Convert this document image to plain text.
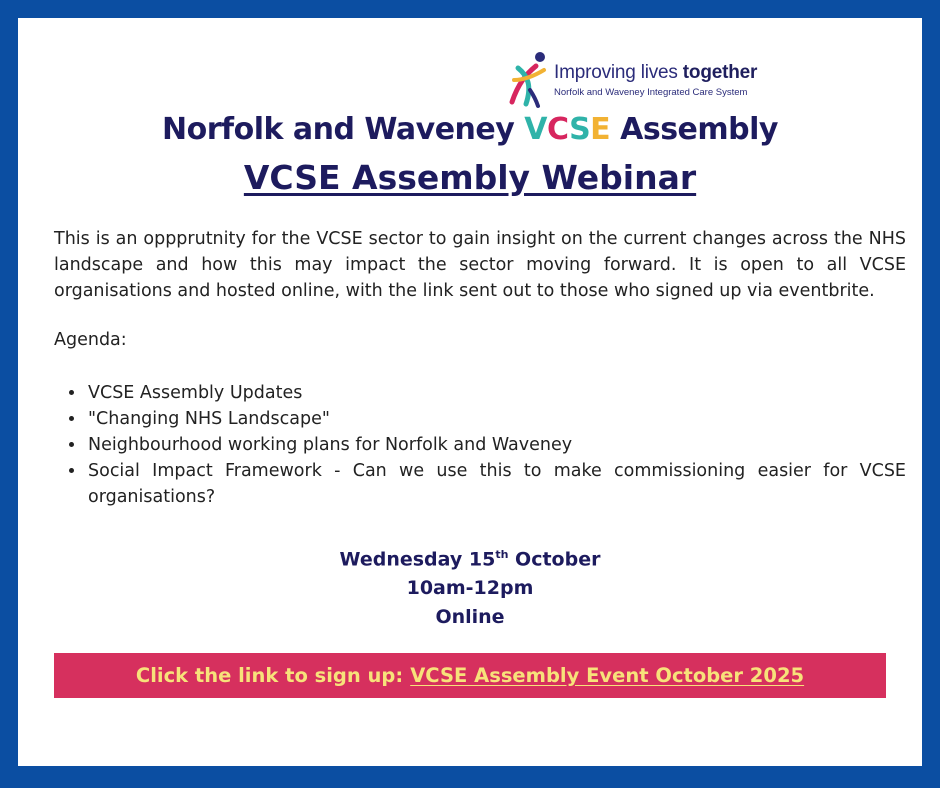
Improving lives together
Norfolk and Waveney Integrated Care System
Norfolk and Waveney VCSE Assembly
VCSE Assembly Webinar
This is an oppprutnity for the VCSE sector to gain insight on the current changes across the NHS landscape and how this may impact the sector moving forward. It is open to all VCSE organisations and hosted online, with the link sent out to those who signed up via eventbrite.
Agenda:
• VCSE Assembly Updates
• "Changing NHS Landscape"
• Neighbourhood working plans for Norfolk and Waveney
• Social Impact Framework - Can we use this to make commissioning easier for VCSE organisations?
Wednesday 15th October
10am-12pm
Online
Click the link to sign up: VCSE Assembly Event October 2025
